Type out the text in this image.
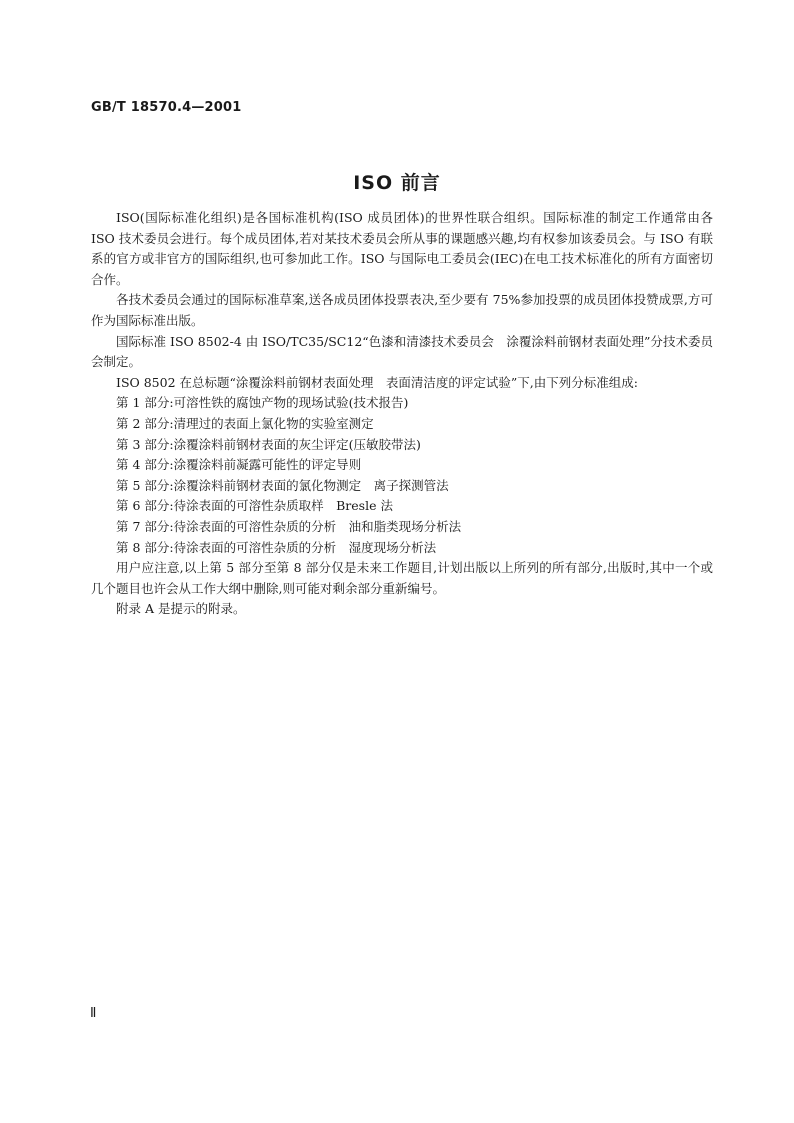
GB/T 18570.4—2001
ISO 前言

ISO(国际标准化组织)是各国标准机构(ISO 成员团体)的世界性联合组织。国际标准的制定工作通常由各 ISO 技术委员会进行。每个成员团体,若对某技术委员会所从事的课题感兴趣,均有权参加该委员会。与 ISO 有联系的官方或非官方的国际组织,也可参加此工作。ISO 与国际电工委员会(IEC)在电工技术标准化的所有方面密切合作。

各技术委员会通过的国际标准草案,送各成员团体投票表决,至少要有 75%参加投票的成员团体投赞成票,方可作为国际标准出版。

国际标准 ISO 8502-4 由 ISO/TC35/SC12“色漆和清漆技术委员会　涂覆涂料前钢材表面处理”分技术委员会制定。

ISO 8502 在总标题“涂覆涂料前钢材表面处理　表面清洁度的评定试验”下,由下列分标准组成:

第 1 部分:可溶性铁的腐蚀产物的现场试验(技术报告)

第 2 部分:清理过的表面上氯化物的实验室测定

第 3 部分:涂覆涂料前钢材表面的灰尘评定(压敏胶带法)

第 4 部分:涂覆涂料前凝露可能性的评定导则

第 5 部分:涂覆涂料前钢材表面的氯化物测定　离子探测管法

第 6 部分:待涂表面的可溶性杂质取样　Bresle 法

第 7 部分:待涂表面的可溶性杂质的分析　油和脂类现场分析法

第 8 部分:待涂表面的可溶性杂质的分析　湿度现场分析法

用户应注意,以上第 5 部分至第 8 部分仅是未来工作题目,计划出版以上所列的所有部分,出版时,其中一个或几个题目也许会从工作大纲中删除,则可能对剩余部分重新编号。

附录 A 是提示的附录。

Ⅱ
